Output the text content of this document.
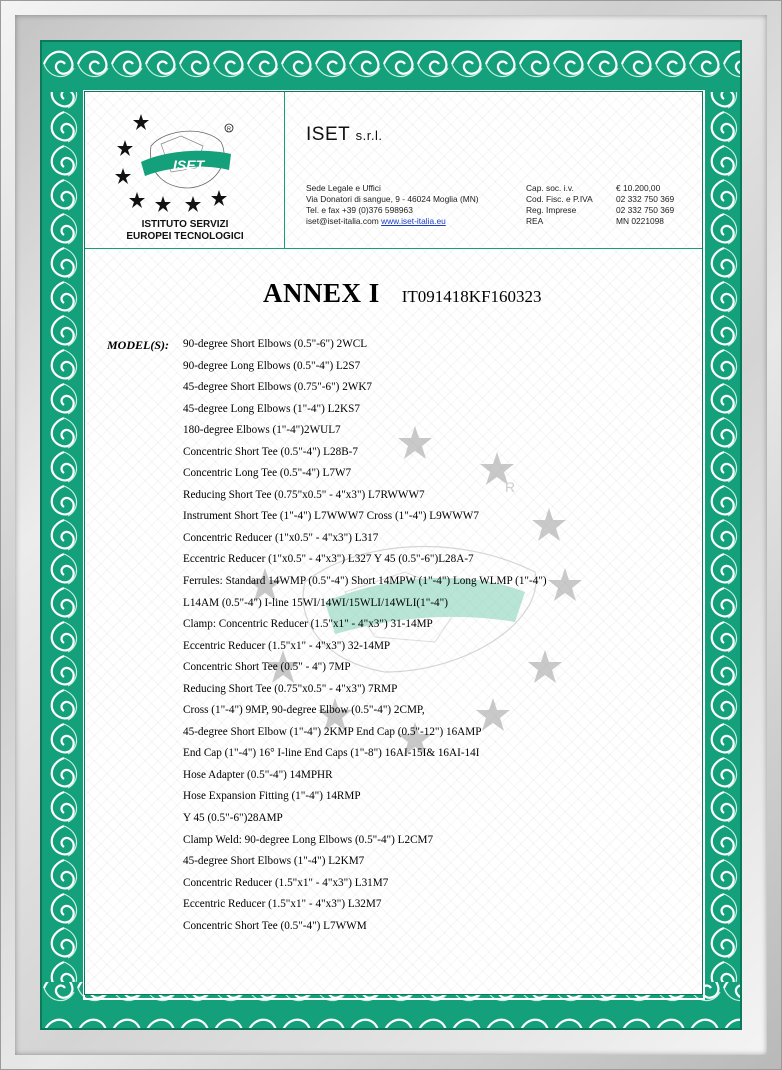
R
ISET
R
ISTITUTO SERVIZI
EUROPEI TECNOLOGICI
ISET s.r.l.
Sede Legale e Uffici
Via Donatori di sangue, 9 - 46024 Moglia (MN)
Tel. e fax +39 (0)376 598963
iset@iset-italia.com www.iset-italia.eu
Cap. soc. i.v.
Cod. Fisc. e P.IVA
Reg. Imprese
REA
€ 10.200,00
02 332 750 369
02 332 750 369
MN 0221098
ANNEX I IT091418KF160323
MODEL(S): 90-degree Short Elbows (0.5"-6") 2WCL
90-degree Long Elbows (0.5"-4") L2S7
45-degree Short Elbows (0.75"-6") 2WK7
45-degree Long Elbows (1"-4") L2KS7
180-degree Elbows (1"-4")2WUL7
Concentric Short Tee (0.5"-4") L28B-7
Concentric Long Tee (0.5"-4") L7W7
Reducing Short Tee (0.75"x0.5" - 4"x3") L7RWWW7
Instrument Short Tee (1"-4") L7WWW7 Cross (1"-4") L9WWW7
Concentric Reducer (1"x0.5" - 4"x3") L317
Eccentric Reducer (1"x0.5" - 4"x3") L327 Y 45 (0.5"-6")L28A-7
Ferrules: Standard 14WMP (0.5"-4") Short 14MPW (1"-4") Long WLMP (1"-4")
L14AM (0.5"-4") I-line 15WI/14WI/15WLI/14WLI(1"-4")
Clamp: Concentric Reducer (1.5"x1" - 4"x3") 31-14MP
Eccentric Reducer (1.5"x1" - 4"x3") 32-14MP
Concentric Short Tee (0.5" - 4") 7MP
Reducing Short Tee (0.75"x0.5" - 4"x3") 7RMP
Cross (1"-4") 9MP, 90-degree Elbow (0.5"-4") 2CMP,
45-degree Short Elbow (1"-4") 2KMP End Cap (0.5"-12") 16AMP
End Cap (1"-4") 16° I-line End Caps (1"-8") 16AI-15I& 16AI-14I
Hose Adapter (0.5"-4") 14MPHR
Hose Expansion Fitting (1"-4") 14RMP
Y 45 (0.5"-6")28AMP
Clamp Weld: 90-degree Long Elbows (0.5"-4") L2CM7
45-degree Short Elbows (1"-4") L2KM7
Concentric Reducer (1.5"x1" - 4"x3") L31M7
Eccentric Reducer (1.5"x1" - 4"x3") L32M7
Concentric Short Tee (0.5"-4") L7WWM
